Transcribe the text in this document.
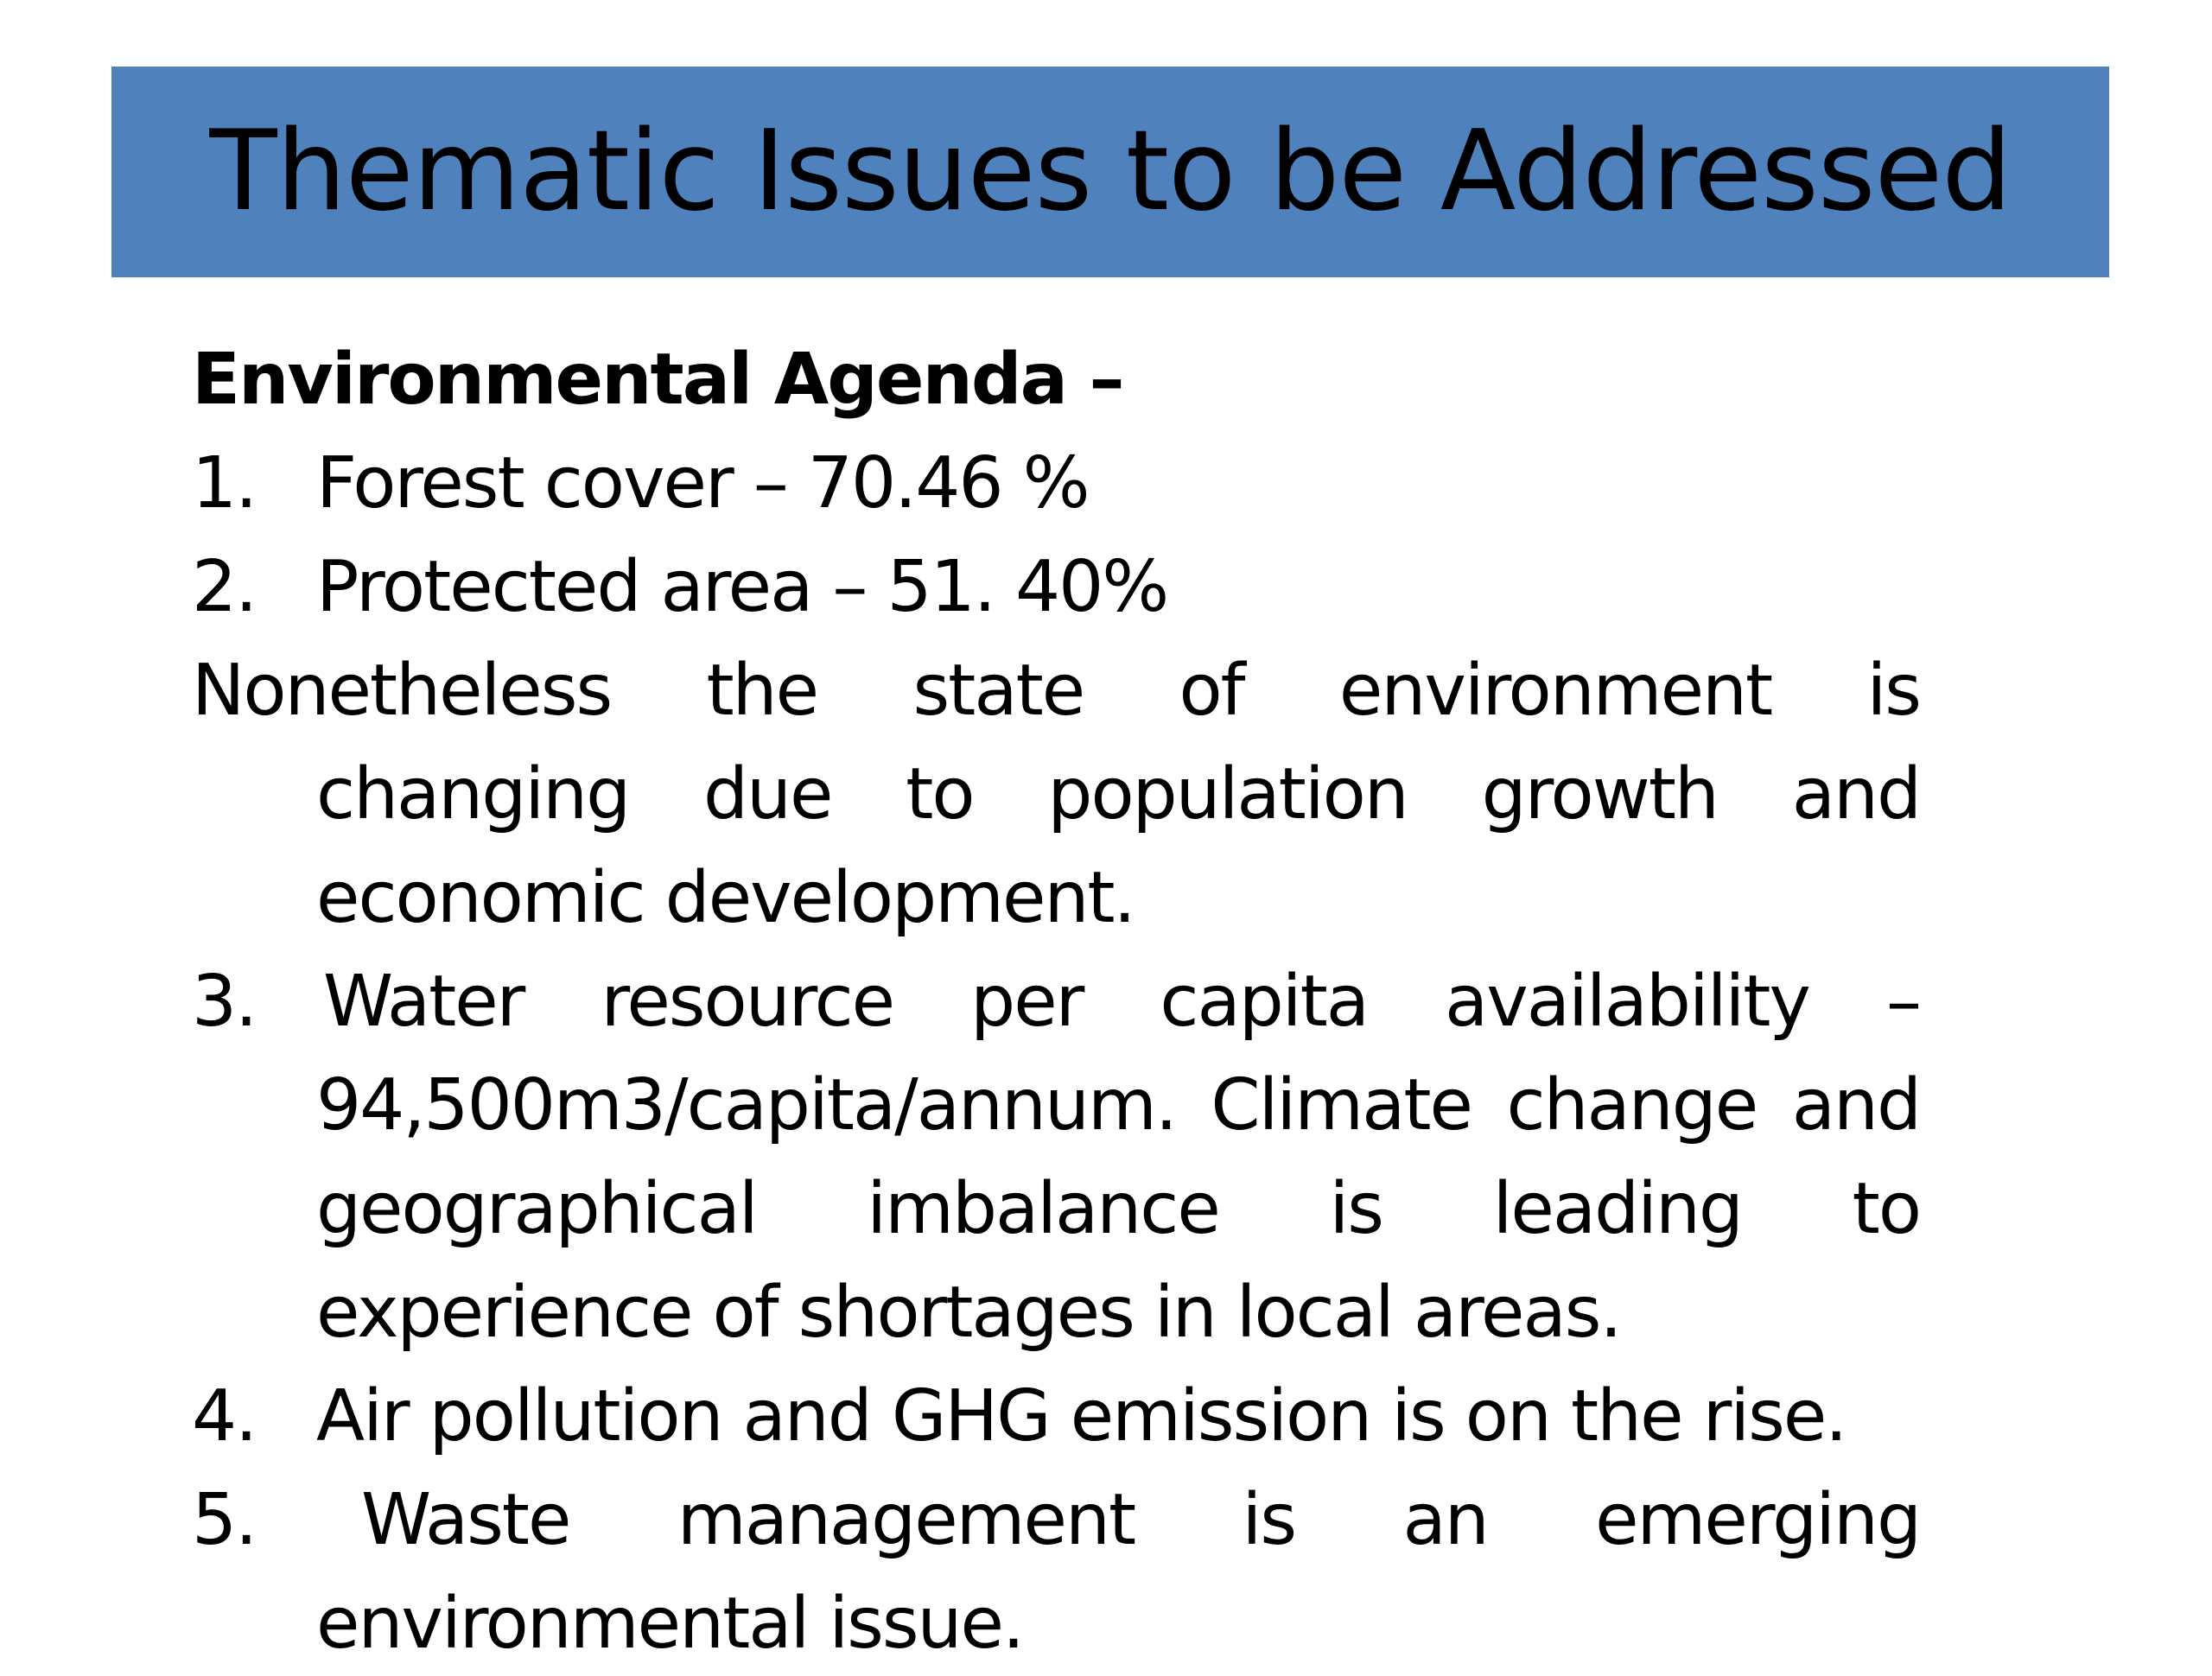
Thematic Issues to be Addressed
Environmental Agenda –
1. Forest cover – 70.46 %
2. Protected area – 51. 40%
Nonetheless the state of environment is
changing due to population growth and
economic development.
3. Water resource per capita availability –
94,500m3/capita/annum. Climate change and
geographical imbalance is leading to
experience of shortages in local areas.
4. Air pollution and GHG emission is on the rise.
5. Waste management is an emerging
environmental issue.
